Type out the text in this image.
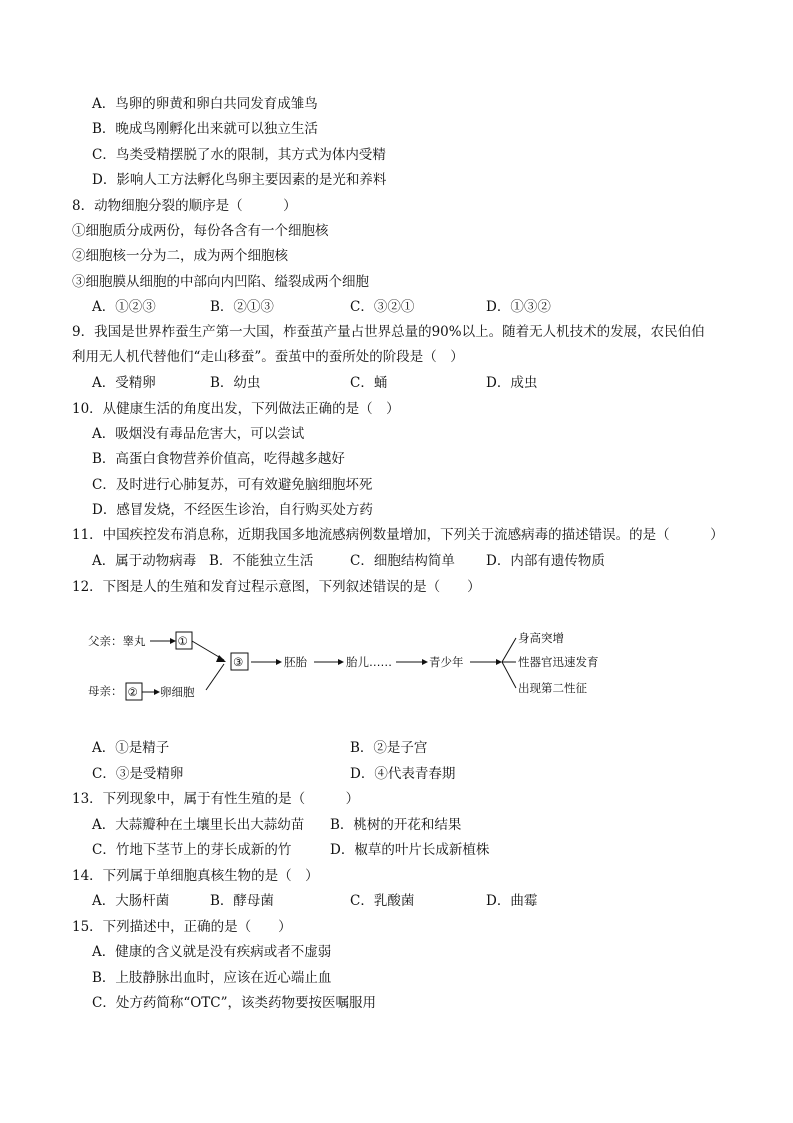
A．鸟卵的卵黄和卵白共同发育成雏鸟
B．晚成鸟刚孵化出来就可以独立生活
C．鸟类受精摆脱了水的限制，其方式为体内受精
D．影响人工方法孵化鸟卵主要因素的是光和养料
8．动物细胞分裂的顺序是（　　　）
①细胞质分成两份，每份各含有一个细胞核
②细胞核一分为二，成为两个细胞核
③细胞膜从细胞的中部向内凹陷、缢裂成两个细胞
A．①②③	B．②①③	C．③②①	D．①③②
9．我国是世界柞蚕生产第一大国，柞蚕茧产量占世界总量的90%以上。随着无人机技术的发展，农民伯伯
利用无人机代替他们“走山移蚕”。蚕茧中的蚕所处的阶段是（　）
A．受精卵	B．幼虫	C．蛹	D．成虫
10．从健康生活的角度出发，下列做法正确的是（　）
A．吸烟没有毒品危害大，可以尝试
B．高蛋白食物营养价值高，吃得越多越好
C．及时进行心肺复苏，可有效避免脑细胞坏死
D．感冒发烧，不经医生诊治，自行购买处方药
11．中国疾控发布消息称，近期我国多地流感病例数量增加，下列关于流感病毒的描述错误。的是（　　　）
A．属于动物病毒 B．不能独立生活	C．细胞结构简单 D．内部有遗传物质
12．下图是人的生殖和发育过程示意图，下列叙述错误的是（　　）
父亲：睾丸	①
母亲： ② 卵细胞
③	胚胎	胎儿……	青少年
身高突增
性器官迅速发育
出现第二性征
A．①是精子	B．②是子宫
C．③是受精卵	D．④代表青春期
13．下列现象中，属于有性生殖的是（　　　）
A．大蒜瓣种在土壤里长出大蒜幼苗 B．桃树的开花和结果
C．竹地下茎节上的芽长成新的竹	D．椒草的叶片长成新植株
14．下列属于单细胞真核生物的是（　）
A．大肠杆菌	B．酵母菌	C．乳酸菌	D．曲霉
15．下列描述中，正确的是（　　）
A．健康的含义就是没有疾病或者不虚弱
B．上肢静脉出血时，应该在近心端止血
C．处方药简称“OTC”，该类药物要按医嘱服用
